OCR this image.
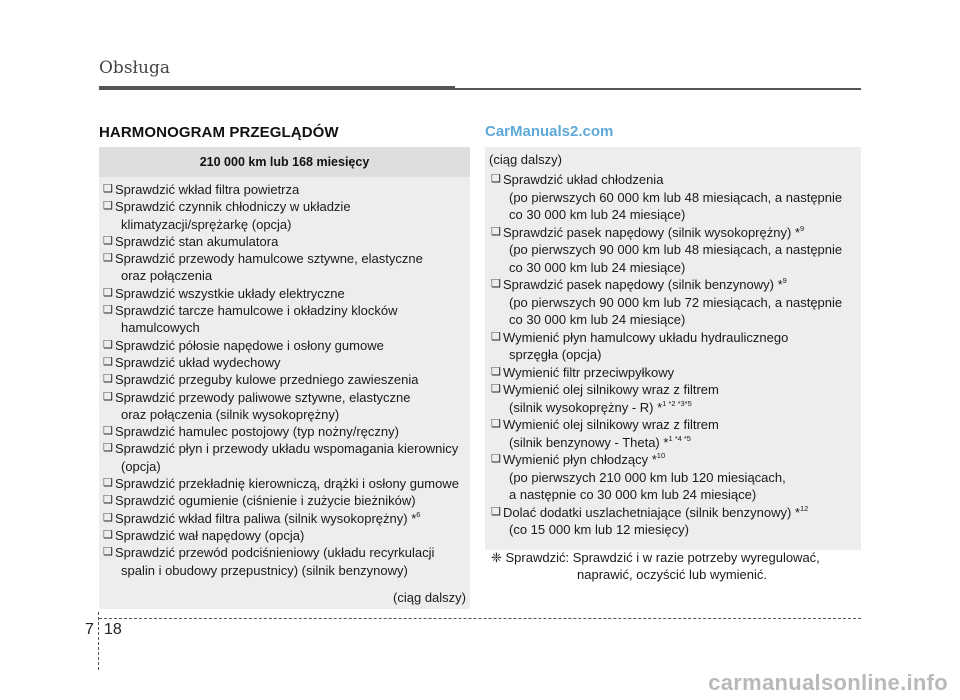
Obsługa
HARMONOGRAM PRZEGLĄDÓW	CarManuals2.com
210 000 km lub 168 miesięcy
❑ Sprawdzić wkład filtra powietrza
❑ Sprawdzić czynnik chłodniczy w układzie
klimatyzacji/sprężarkę (opcja)
❑ Sprawdzić stan akumulatora
❑ Sprawdzić przewody hamulcowe sztywne, elastyczne
oraz połączenia
❑ Sprawdzić wszystkie układy elektryczne
❑ Sprawdzić tarcze hamulcowe i okładziny klocków
hamulcowych
❑ Sprawdzić półosie napędowe i osłony gumowe
❑ Sprawdzić układ wydechowy
❑ Sprawdzić przeguby kulowe przedniego zawieszenia
❑ Sprawdzić przewody paliwowe sztywne, elastyczne
oraz połączenia (silnik wysokoprężny)
❑ Sprawdzić hamulec postojowy (typ nożny/ręczny)
❑ Sprawdzić płyn i przewody układu wspomagania kierownicy
(opcja)
❑ Sprawdzić przekładnię kierowniczą, drążki i osłony gumowe
❑ Sprawdzić ogumienie (ciśnienie i zużycie bieżników)
❑ Sprawdzić wkład filtra paliwa (silnik wysokoprężny) *$^6$
❑ Sprawdzić wał napędowy (opcja)
❑ Sprawdzić przewód podciśnieniowy (układu recyrkulacji
spalin i obudowy przepustnicy) (silnik benzynowy)
(ciąg dalszy)
(ciąg dalszy)
❑ Sprawdzić układ chłodzenia
(po pierwszych 60 000 km lub 48 miesiącach, a następnie
co 30 000 km lub 24 miesiące)
❑ Sprawdzić pasek napędowy (silnik wysokoprężny) *$^9$
(po pierwszych 90 000 km lub 48 miesiącach, a następnie
co 30 000 km lub 24 miesiące)
❑ Sprawdzić pasek napędowy (silnik benzynowy) *$^9$
(po pierwszych 90 000 km lub 72 miesiącach, a następnie
co 30 000 km lub 24 miesiące)
❑ Wymienić płyn hamulcowy układu hydraulicznego
sprzęgła (opcja)
❑ Wymienić filtr przeciwpyłkowy
❑ Wymienić olej silnikowy wraz z filtrem
(silnik wysokoprężny - R) *$^{1 *2 *3*5}$
❑ Wymienić olej silnikowy wraz z filtrem
(silnik benzynowy - Theta) *$^{1 *4 *5}$
❑ Wymienić płyn chłodzący *$^{10}$
(po pierwszych 210 000 km lub 120 miesiącach,
a następnie co 30 000 km lub 24 miesiące)
❑ Dolać dodatki uszlachetniające (silnik benzynowy) *$^{12}$
(co 15 000 km lub 12 miesięcy)
❈ Sprawdzić: Sprawdzić i w razie potrzeby wyregulować,
naprawić, oczyścić lub wymienić.
7 18
carmanualsonline.info
